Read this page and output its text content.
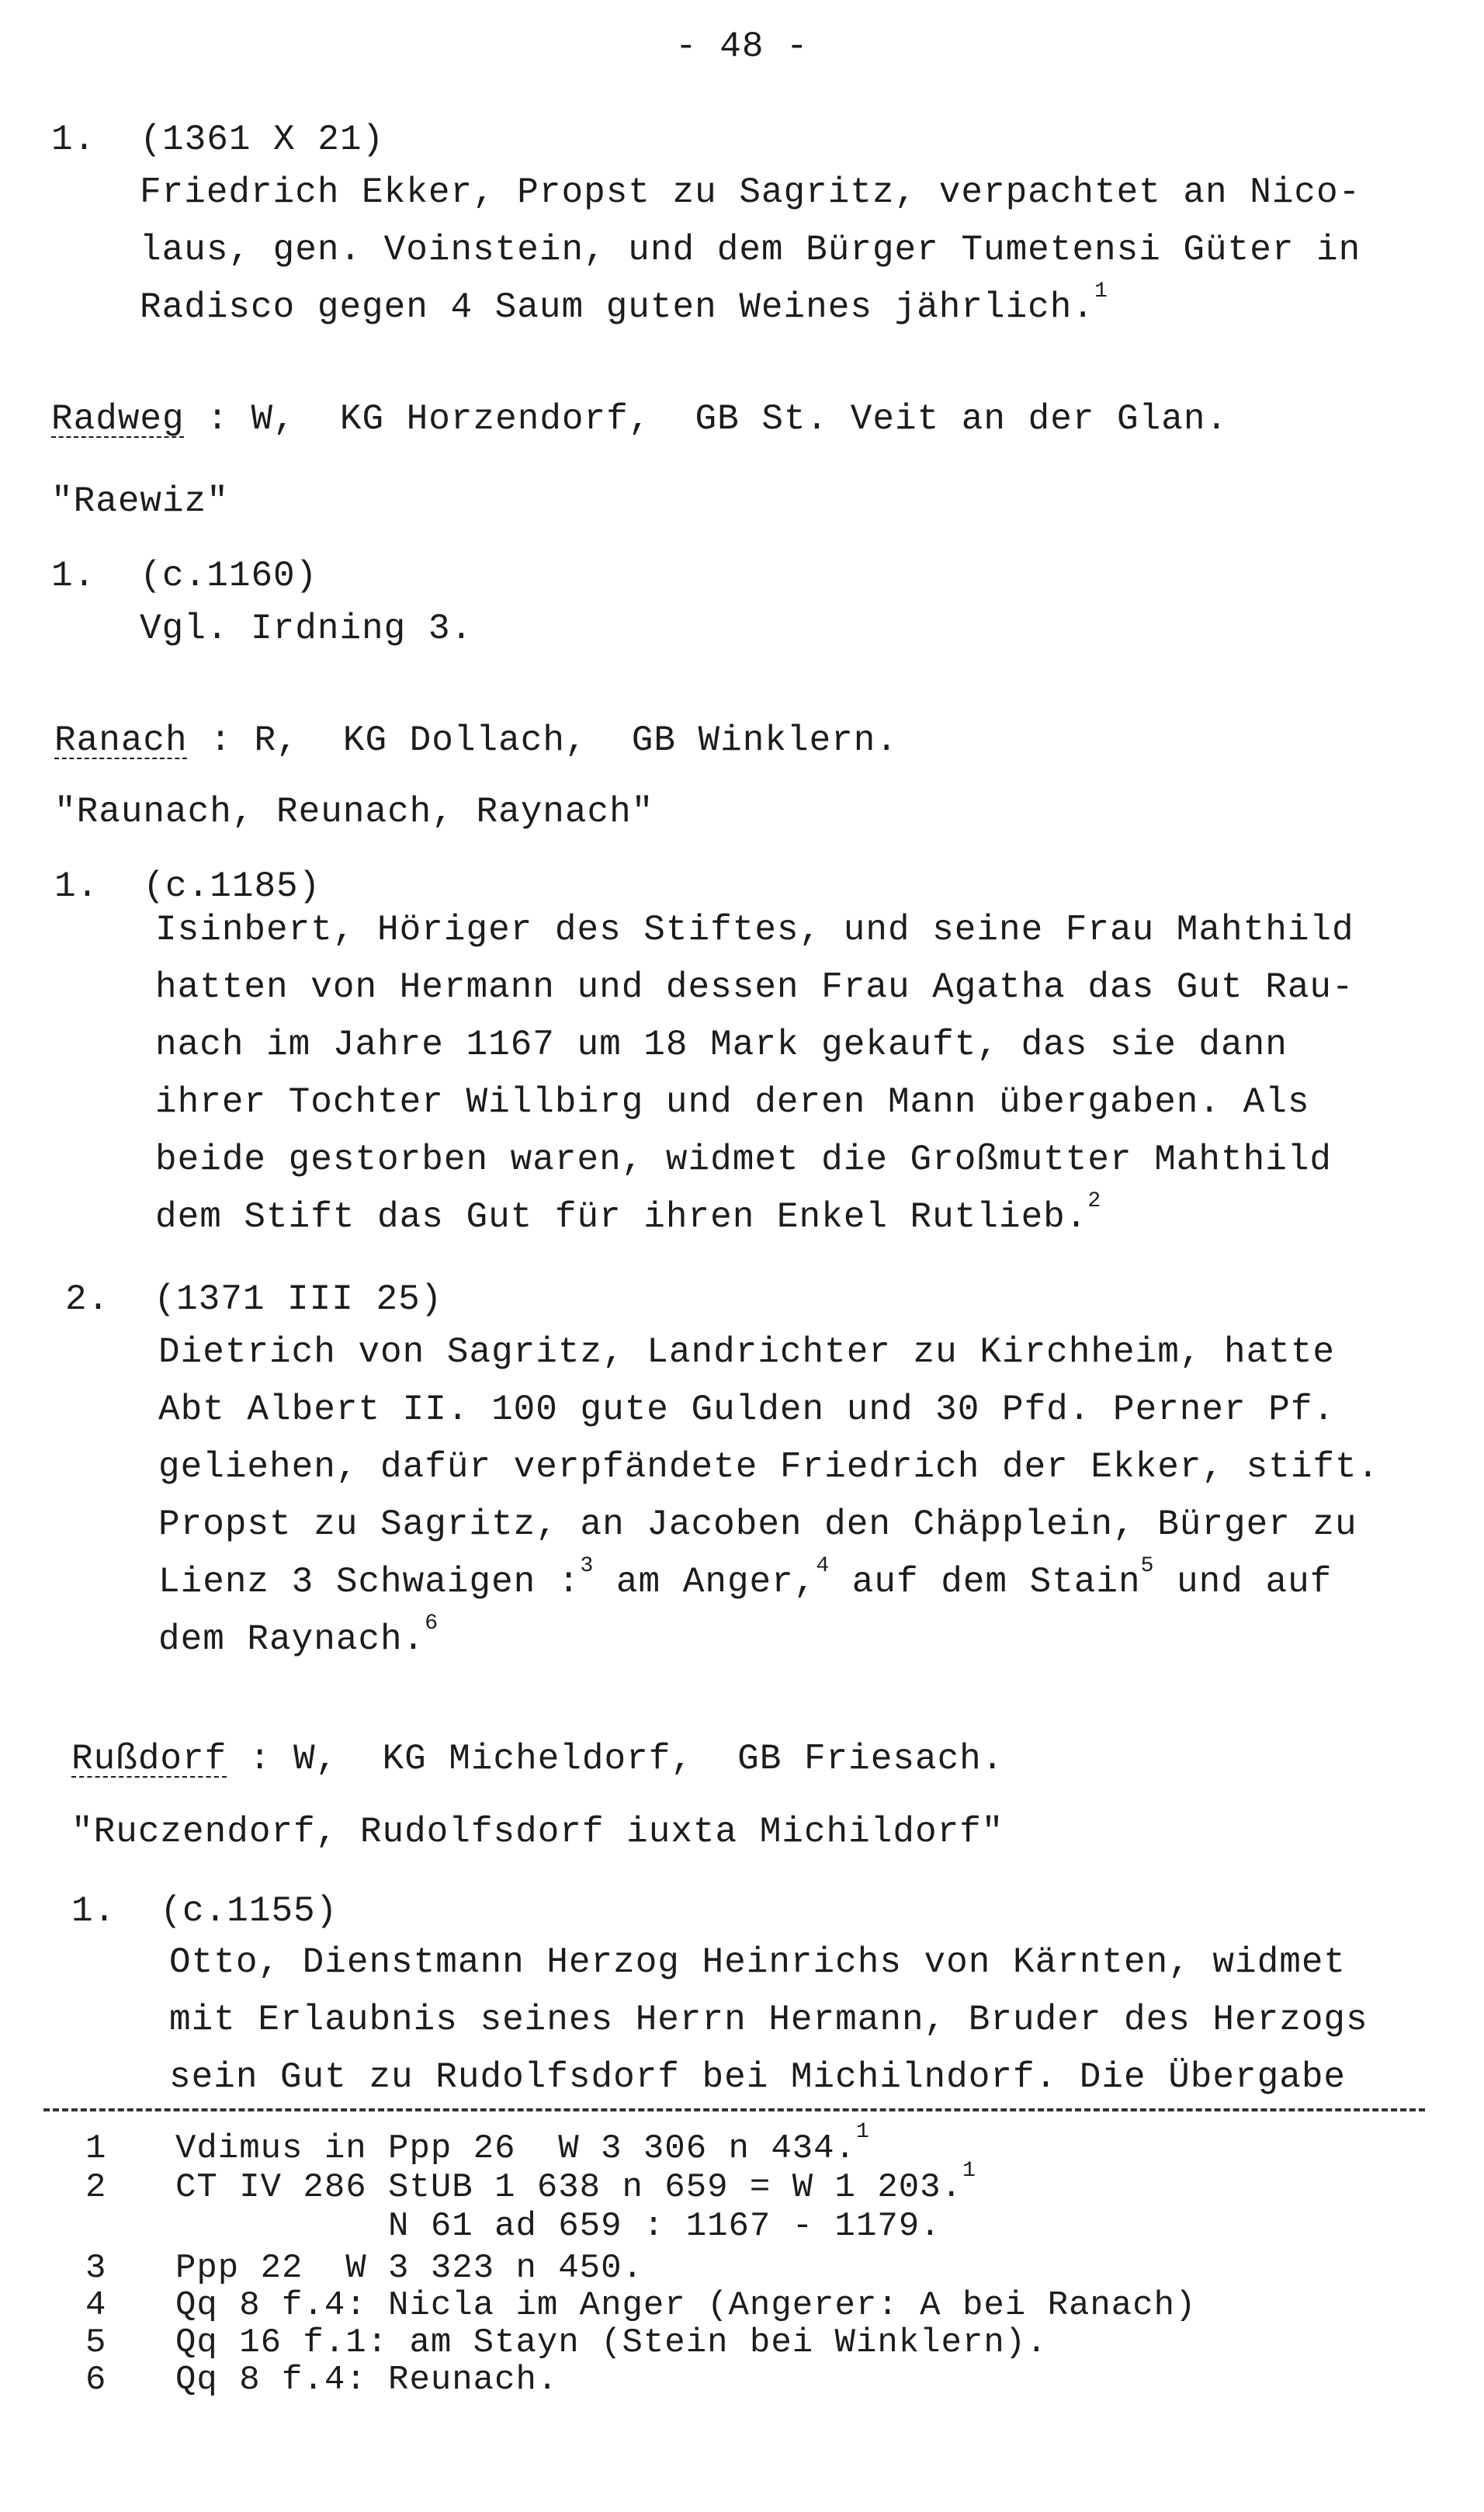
- 48 -
1.  (1361 X 21)
Friedrich Ekker, Propst zu Sagritz, verpachtet an Nico-
laus, gen. Voinstein, und dem Bürger Tumetensi Güter in
Radisco gegen 4 Saum guten Weines jährlich.$^1$
Radweg : W,  KG Horzendorf,  GB St. Veit an der Glan.
"Raewiz"
1.  (c.1160)
Vgl. Irdning 3.
Ranach : R,  KG Dollach,  GB Winklern.
"Raunach, Reunach, Raynach"
1.  (c.1185)
Isinbert, Höriger des Stiftes, und seine Frau Mahthild
hatten von Hermann und dessen Frau Agatha das Gut Rau-
nach im Jahre 1167 um 18 Mark gekauft, das sie dann
ihrer Tochter Willbirg und deren Mann übergaben. Als
beide gestorben waren, widmet die Großmutter Mahthild
dem Stift das Gut für ihren Enkel Rutlieb.$^2$
2.  (1371 III 25)
Dietrich von Sagritz, Landrichter zu Kirchheim, hatte
Abt Albert II. 100 gute Gulden und 30 Pfd. Perner Pf.
geliehen, dafür verpfändete Friedrich der Ekker, stift.
Propst zu Sagritz, an Jacoben den Chäpplein, Bürger zu
Lienz 3 Schwaigen :$^3$ am Anger,$^4$ auf dem Stain$^5$ und auf
dem Raynach.$^6$
Rußdorf : W,  KG Micheldorf,  GB Friesach.
"Ruczendorf, Rudolfsdorf iuxta Michildorf"
1.  (c.1155)
Otto, Dienstmann Herzog Heinrichs von Kärnten, widmet
mit Erlaubnis seines Herrn Hermann, Bruder des Herzogs
sein Gut zu Rudolfsdorf bei Michilndorf. Die Übergabe
1 Vdimus in Ppp 26  W 3 306 n 434.$^1$
2 CT IV 286 StUB 1 638 n 659 = W 1 203.$^1$
N 61 ad 659 : 1167 - 1179.
3 Ppp 22  W 3 323 n 450.
4 Qq 8 f.4: Nicla im Anger (Angerer: A bei Ranach)
5 Qq 16 f.1: am Stayn (Stein bei Winklern).
6 Qq 8 f.4: Reunach.
